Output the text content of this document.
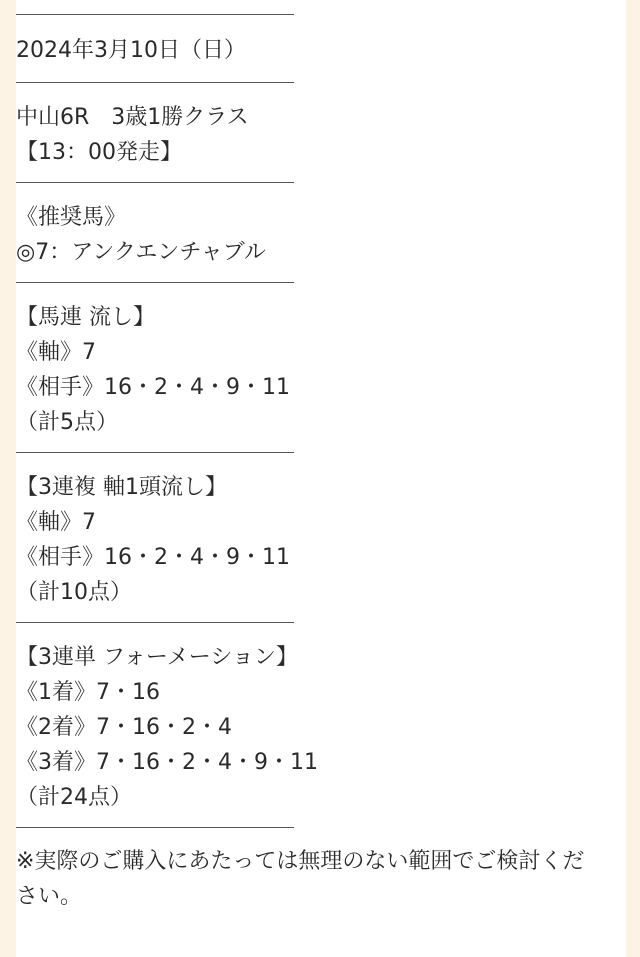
2024年3月10日（日）
中山6R　3歳1勝クラス
【13：00発走】
《推奨馬》
◎7：アンクエンチャブル
【馬連 流し】
《軸》7
《相手》16・2・4・9・11
（計5点）
【3連複 軸1頭流し】
《軸》7
《相手》16・2・4・9・11
（計10点）
【3連単 フォーメーション】
《1着》7・16
《2着》7・16・2・4
《3着》7・16・2・4・9・11
（計24点）
※実際のご購入にあたっては無理のない範囲でご検討ください。
